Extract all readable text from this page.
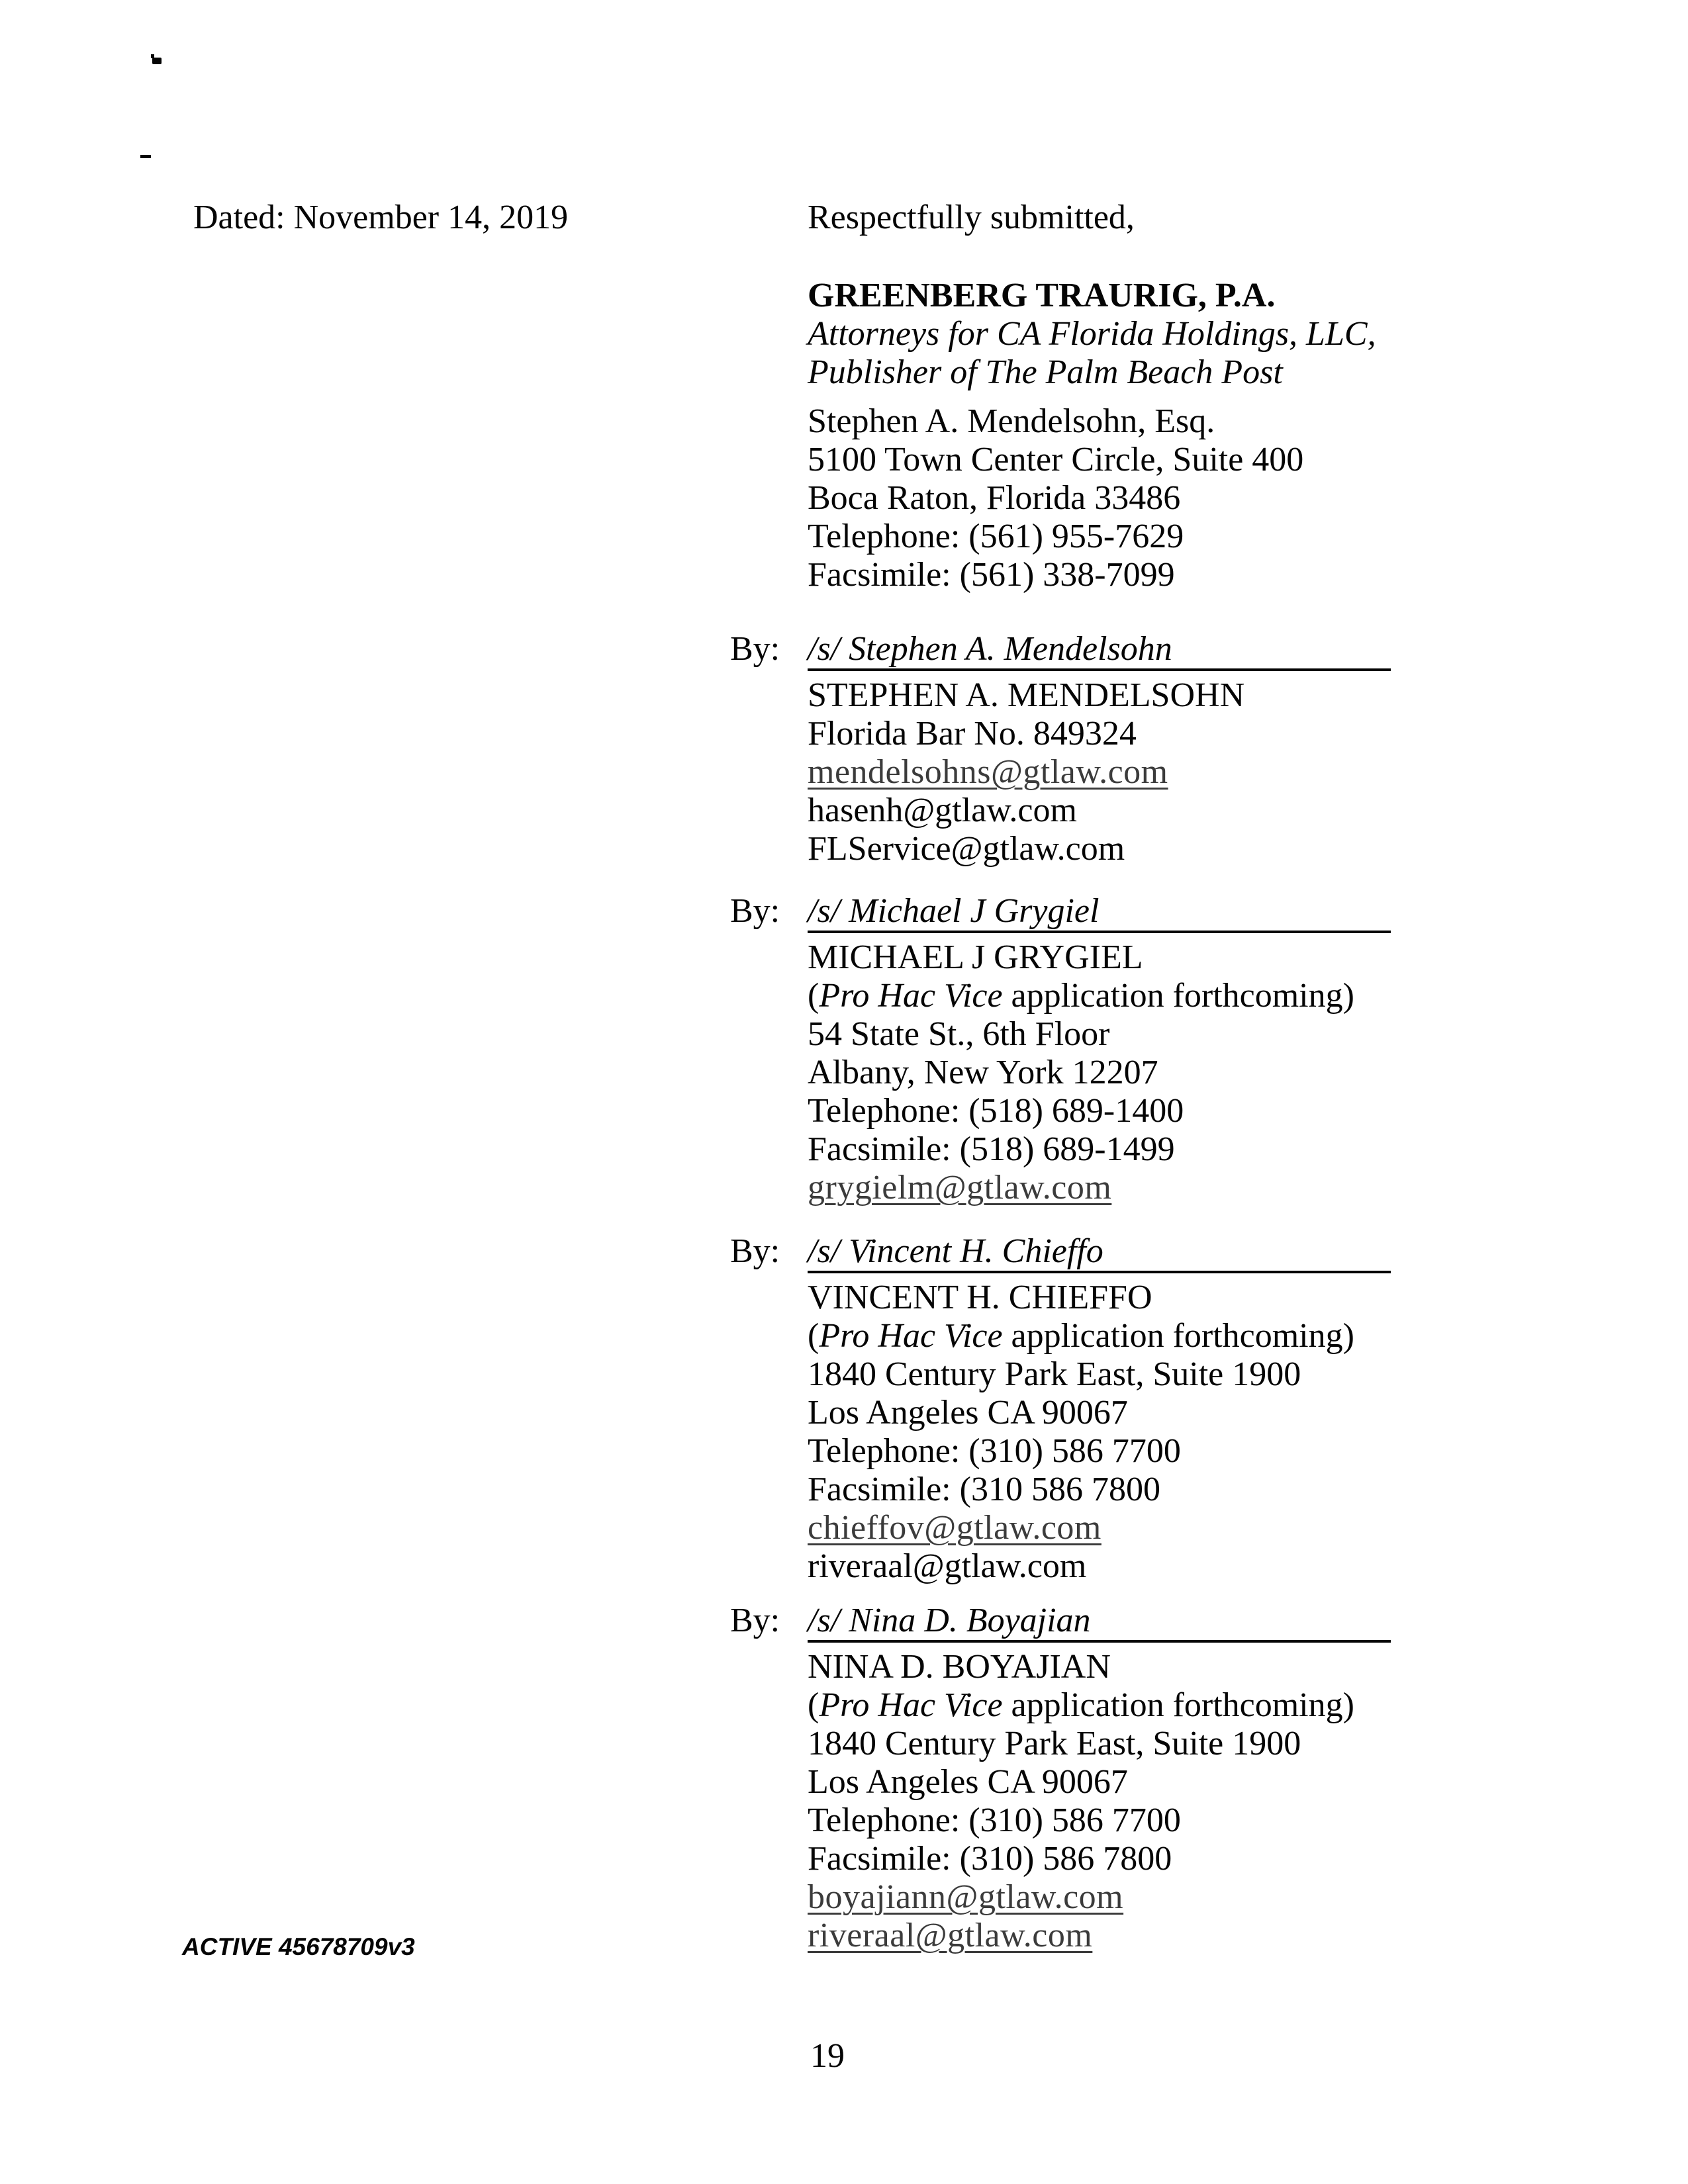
Dated: November 14, 2019	Respectfully submitted,
GREENBERG TRAURIG, P.A.
Attorneys for CA Florida Holdings, LLC,
Publisher of The Palm Beach Post
Stephen A. Mendelsohn, Esq.
5100 Town Center Circle, Suite 400
Boca Raton, Florida 33486
Telephone: (561) 955-7629
Facsimile: (561) 338-7099
By: /s/ Stephen A. Mendelsohn
STEPHEN A. MENDELSOHN
Florida Bar No. 849324
mendelsohns@gtlaw.com
hasenh@gtlaw.com
FLService@gtlaw.com
By: /s/ Michael J Grygiel
MICHAEL J GRYGIEL
(Pro Hac Vice application forthcoming)
54 State St., 6th Floor
Albany, New York 12207
Telephone: (518) 689-1400
Facsimile: (518) 689-1499
grygielm@gtlaw.com
By: /s/ Vincent H. Chieffo
VINCENT H. CHIEFFO
(Pro Hac Vice application forthcoming)
1840 Century Park East, Suite 1900
Los Angeles CA 90067
Telephone: (310) 586 7700
Facsimile: (310 586 7800
chieffov@gtlaw.com
riveraal@gtlaw.com
By: /s/ Nina D. Boyajian
NINA D. BOYAJIAN
(Pro Hac Vice application forthcoming)
1840 Century Park East, Suite 1900
Los Angeles CA 90067
Telephone: (310) 586 7700
Facsimile: (310) 586 7800
boyajiann@gtlaw.com
riveraal@gtlaw.com
ACTIVE 45678709v3
19
